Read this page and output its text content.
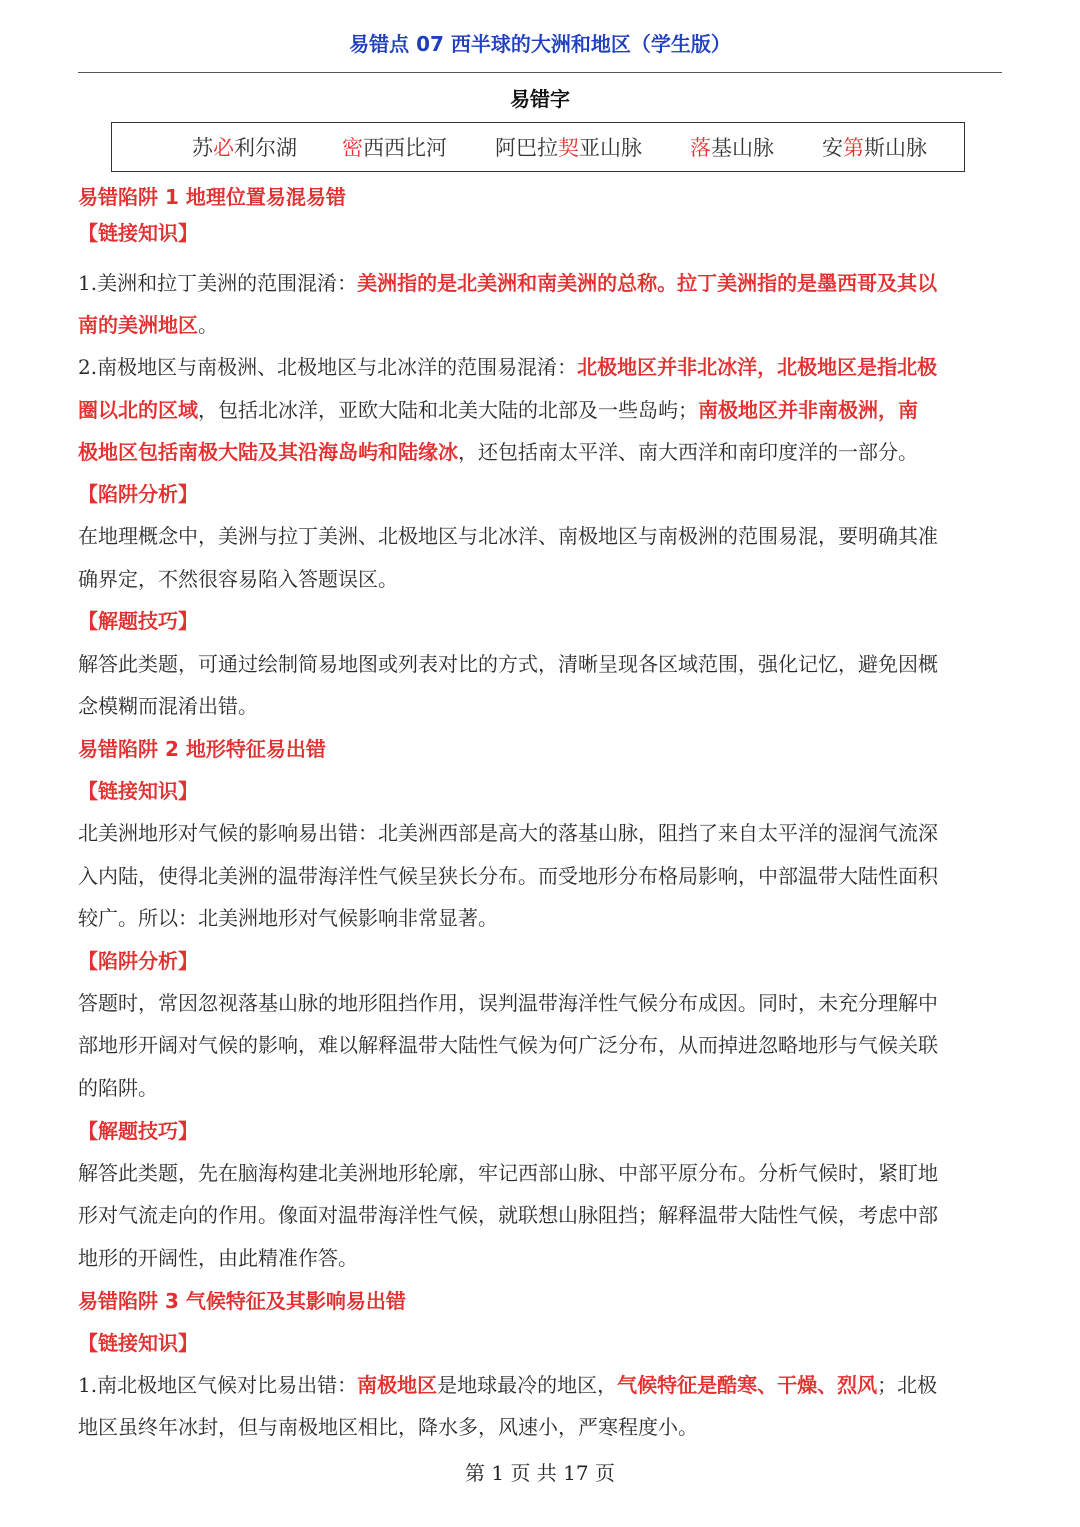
易错点 07 西半球的大洲和地区（学生版）
易错字
苏必利尔湖 密西西比河 阿巴拉契亚山脉 落基山脉 安第斯山脉
易错陷阱 1 地理位置易混易错
【链接知识】
1.美洲和拉丁美洲的范围混淆：美洲指的是北美洲和南美洲的总称。拉丁美洲指的是墨西哥及其以
南的美洲地区。
2.南极地区与南极洲、北极地区与北冰洋的范围易混淆：北极地区并非北冰洋，北极地区是指北极
圈以北的区域，包括北冰洋，亚欧大陆和北美大陆的北部及一些岛屿；南极地区并非南极洲，南
极地区包括南极大陆及其沿海岛屿和陆缘冰，还包括南太平洋、南大西洋和南印度洋的一部分。
【陷阱分析】
在地理概念中，美洲与拉丁美洲、北极地区与北冰洋、南极地区与南极洲的范围易混，要明确其准
确界定，不然很容易陷入答题误区。
【解题技巧】
解答此类题，可通过绘制简易地图或列表对比的方式，清晰呈现各区域范围，强化记忆，避免因概
念模糊而混淆出错。
易错陷阱 2 地形特征易出错
【链接知识】
北美洲地形对气候的影响易出错：北美洲西部是高大的落基山脉，阻挡了来自太平洋的湿润气流深
入内陆，使得北美洲的温带海洋性气候呈狭长分布。而受地形分布格局影响，中部温带大陆性面积
较广。所以：北美洲地形对气候影响非常显著。
【陷阱分析】
答题时，常因忽视落基山脉的地形阻挡作用，误判温带海洋性气候分布成因。同时，未充分理解中
部地形开阔对气候的影响，难以解释温带大陆性气候为何广泛分布，从而掉进忽略地形与气候关联
的陷阱。
【解题技巧】
解答此类题，先在脑海构建北美洲地形轮廓，牢记西部山脉、中部平原分布。分析气候时，紧盯地
形对气流走向的作用。像面对温带海洋性气候，就联想山脉阻挡；解释温带大陆性气候，考虑中部
地形的开阔性，由此精准作答。
易错陷阱 3 气候特征及其影响易出错
【链接知识】
1.南北极地区气候对比易出错：南极地区是地球最冷的地区，气候特征是酷寒、干燥、烈风；北极
地区虽终年冰封，但与南极地区相比，降水多，风速小，严寒程度小。
第 1 页 共 17 页
